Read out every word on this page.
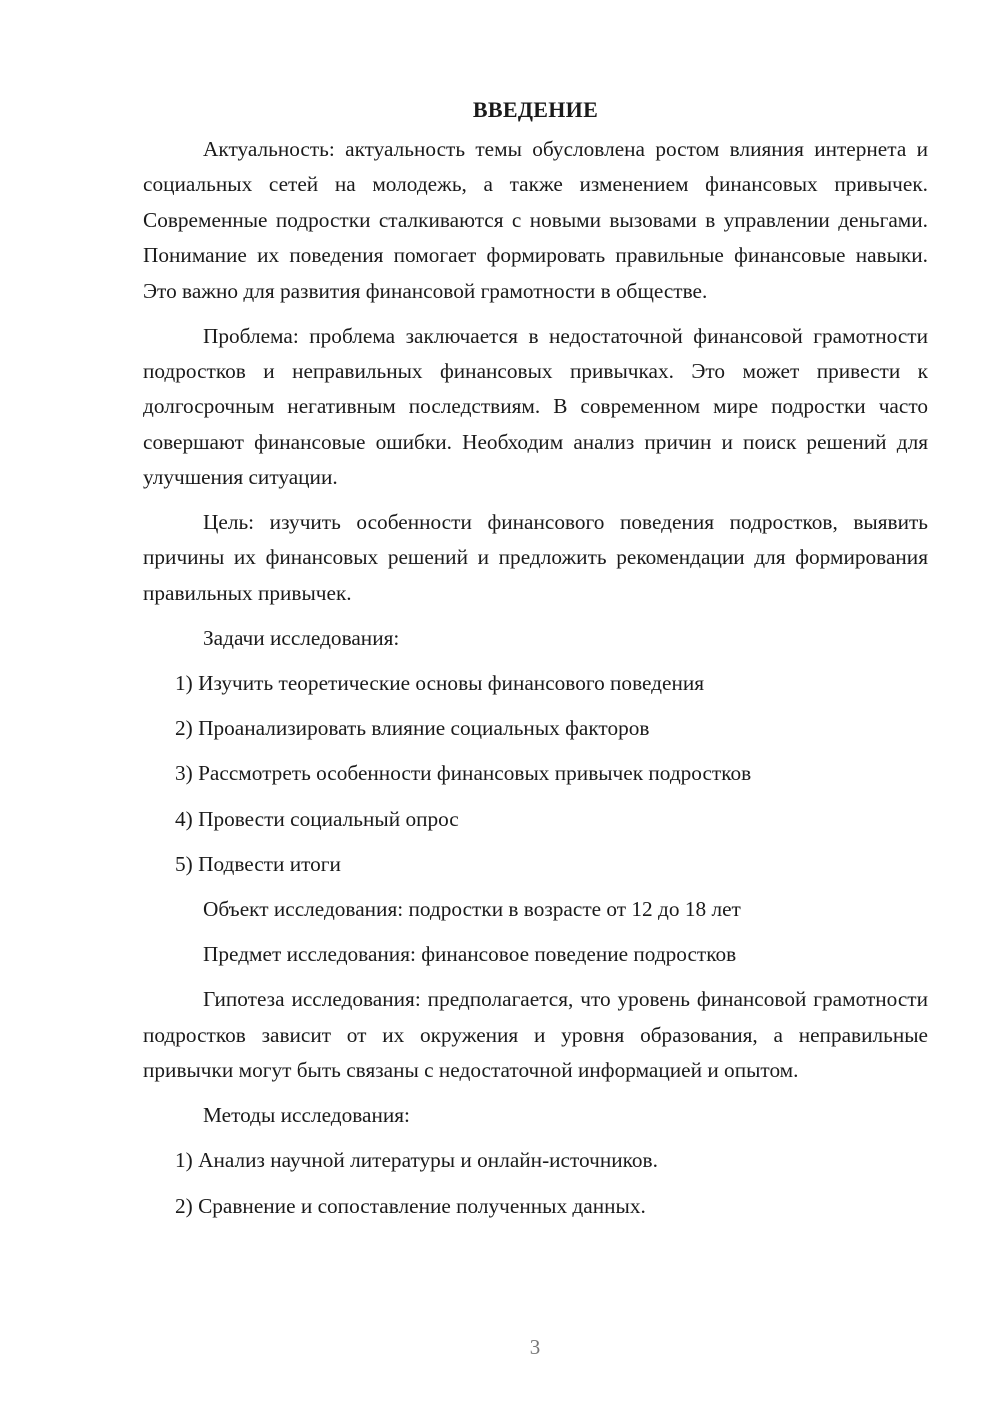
ВВЕДЕНИЕ

Актуальность: актуальность темы обусловлена ростом влияния интернета и социальных сетей на молодежь, а также изменением финансовых привычек. Современные подростки сталкиваются с новыми вызовами в управлении деньгами. Понимание их поведения помогает формировать правильные финансовые навыки. Это важно для развития финансовой грамотности в обществе.

Проблема: проблема заключается в недостаточной финансовой грамотности подростков и неправильных финансовых привычках. Это может привести к долгосрочным негативным последствиям. В современном мире подростки часто совершают финансовые ошибки. Необходим анализ причин и поиск решений для улучшения ситуации.

Цель: изучить особенности финансового поведения подростков, выявить причины их финансовых решений и предложить рекомендации для формирования правильных привычек.

Задачи исследования:
1) Изучить теоретические основы финансового поведения
2) Проанализировать влияние социальных факторов
3) Рассмотреть особенности финансовых привычек подростков
4) Провести социальный опрос
5) Подвести итоги
Объект исследования: подростки в возрасте от 12 до 18 лет
Предмет исследования: финансовое поведение подростков

Гипотеза исследования: предполагается, что уровень финансовой грамотности подростков зависит от их окружения и уровня образования, а неправильные привычки могут быть связаны с недостаточной информацией и опытом.

Методы исследования:
1) Анализ научной литературы и онлайн-источников.
2) Сравнение и сопоставление полученных данных.
3
